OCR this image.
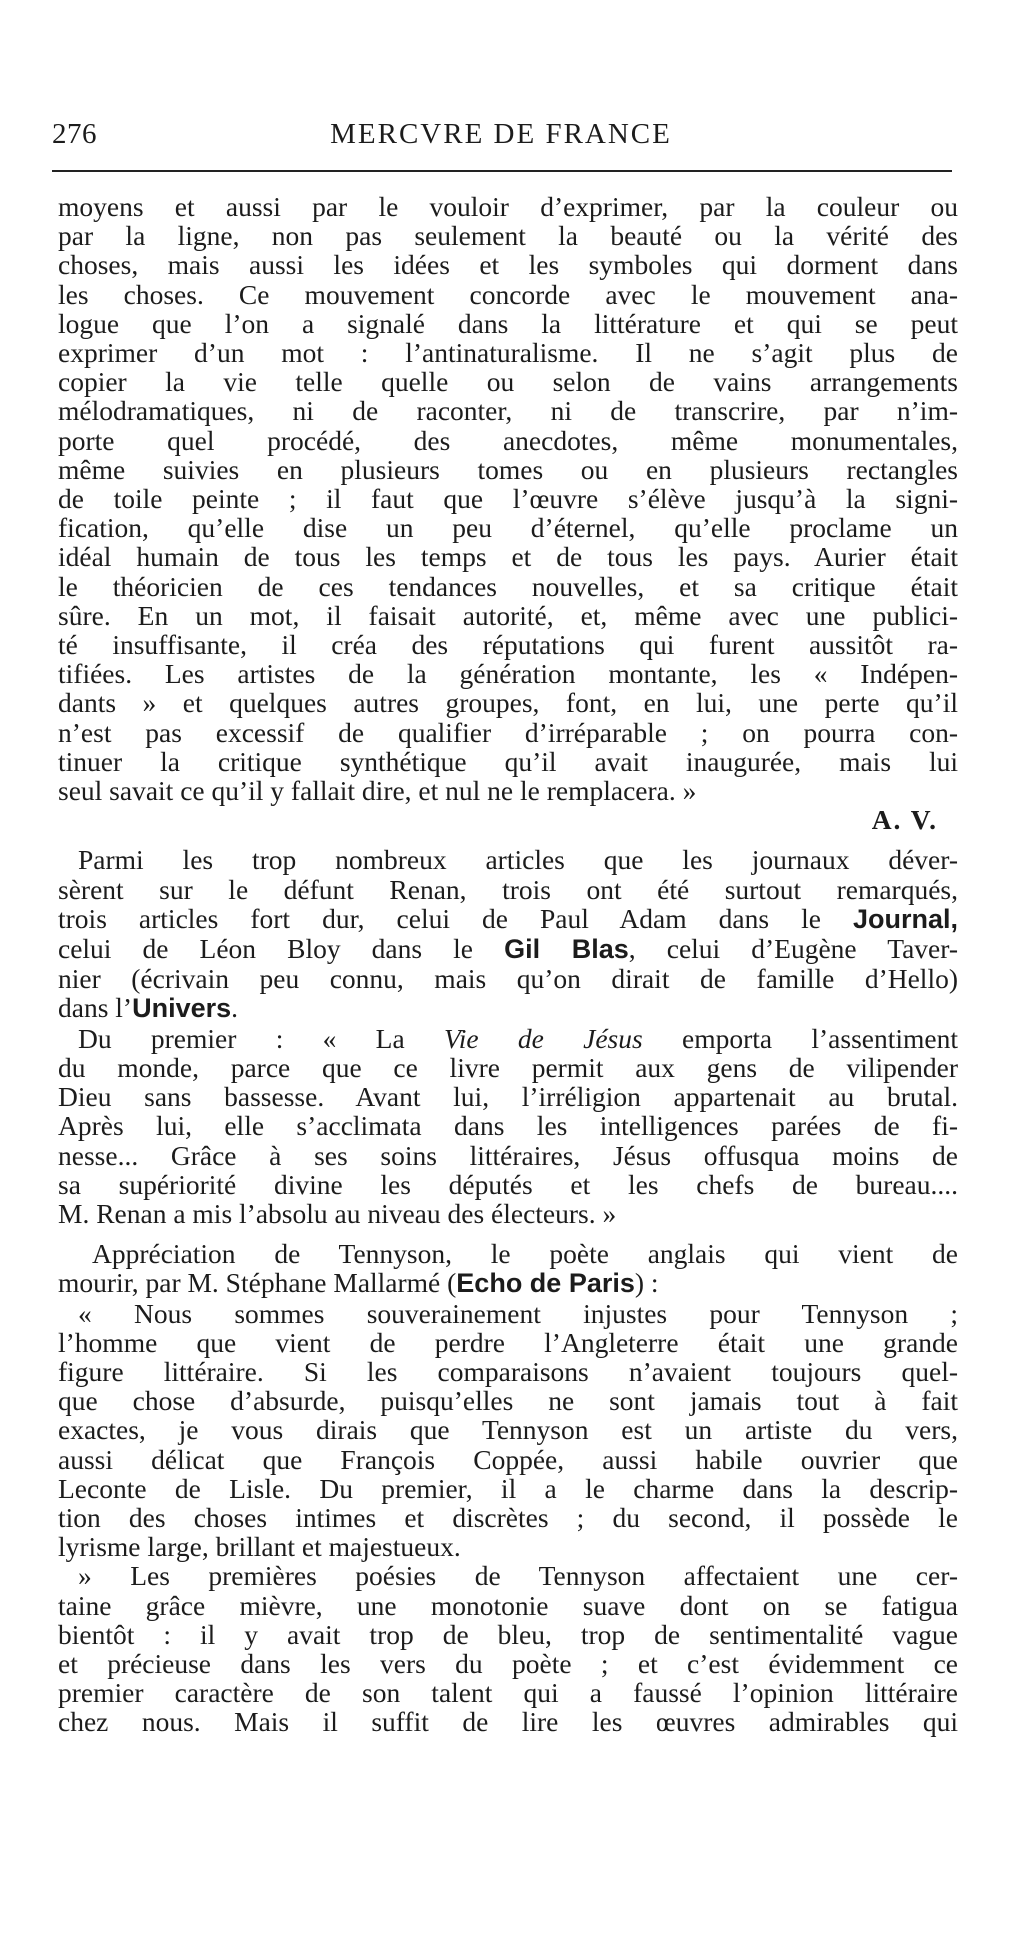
276	MERCVRE DE FRANCE
moyens et aussi par le vouloir d’exprimer, par la couleur ou
par la ligne, non pas seulement la beauté ou la vérité des
choses, mais aussi les idées et les symboles qui dorment dans
les choses. Ce mouvement concorde avec le mouvement ana-
logue que l’on a signalé dans la littérature et qui se peut
exprimer d’un mot : l’antinaturalisme. Il ne s’agit plus de
copier la vie telle quelle ou selon de vains arrangements
mélodramatiques, ni de raconter, ni de transcrire, par n’im-
porte quel procédé, des anecdotes, même monumentales,
même suivies en plusieurs tomes ou en plusieurs rectangles
de toile peinte ; il faut que l’œuvre s’élève jusqu’à la signi-
fication, qu’elle dise un peu d’éternel, qu’elle proclame un
idéal humain de tous les temps et de tous les pays. Aurier était
le théoricien de ces tendances nouvelles, et sa critique était
sûre. En un mot, il faisait autorité, et, même avec une publici-
té insuffisante, il créa des réputations qui furent aussitôt ra-
tifiées. Les artistes de la génération montante, les « Indépen-
dants » et quelques autres groupes, font, en lui, une perte qu’il
n’est pas excessif de qualifier d’irréparable ; on pourra con-
tinuer la critique synthétique qu’il avait inaugurée, mais lui
seul savait ce qu’il y fallait dire, et nul ne le remplacera. »
A. V.
Parmi les trop nombreux articles que les journaux déver-
sèrent sur le défunt Renan, trois ont été surtout remarqués,
trois articles fort dur, celui de Paul Adam dans le Journal,
celui de Léon Bloy dans le Gil Blas, celui d’Eugène Taver-
nier (écrivain peu connu, mais qu’on dirait de famille d’Hello)
dans l’Univers.
Du premier : « La Vie de Jésus emporta l’assentiment
du monde, parce que ce livre permit aux gens de vilipender
Dieu sans bassesse. Avant lui, l’irréligion appartenait au brutal.
Après lui, elle s’acclimata dans les intelligences parées de fi-
nesse... Grâce à ses soins littéraires, Jésus offusqua moins de
sa supériorité divine les députés et les chefs de bureau....
M. Renan a mis l’absolu au niveau des électeurs. »
Appréciation de Tennyson, le poète anglais qui vient de
mourir, par M. Stéphane Mallarmé (Echo de Paris) :
« Nous sommes souverainement injustes pour Tennyson ;
l’homme que vient de perdre l’Angleterre était une grande
figure littéraire. Si les comparaisons n’avaient toujours quel-
que chose d’absurde, puisqu’elles ne sont jamais tout à fait
exactes, je vous dirais que Tennyson est un artiste du vers,
aussi délicat que François Coppée, aussi habile ouvrier que
Leconte de Lisle. Du premier, il a le charme dans la descrip-
tion des choses intimes et discrètes ; du second, il possède le
lyrisme large, brillant et majestueux.
» Les premières poésies de Tennyson affectaient une cer-
taine grâce mièvre, une monotonie suave dont on se fatigua
bientôt : il y avait trop de bleu, trop de sentimentalité vague
et précieuse dans les vers du poète ; et c’est évidemment ce
premier caractère de son talent qui a faussé l’opinion littéraire
chez nous. Mais il suffit de lire les œuvres admirables qui
